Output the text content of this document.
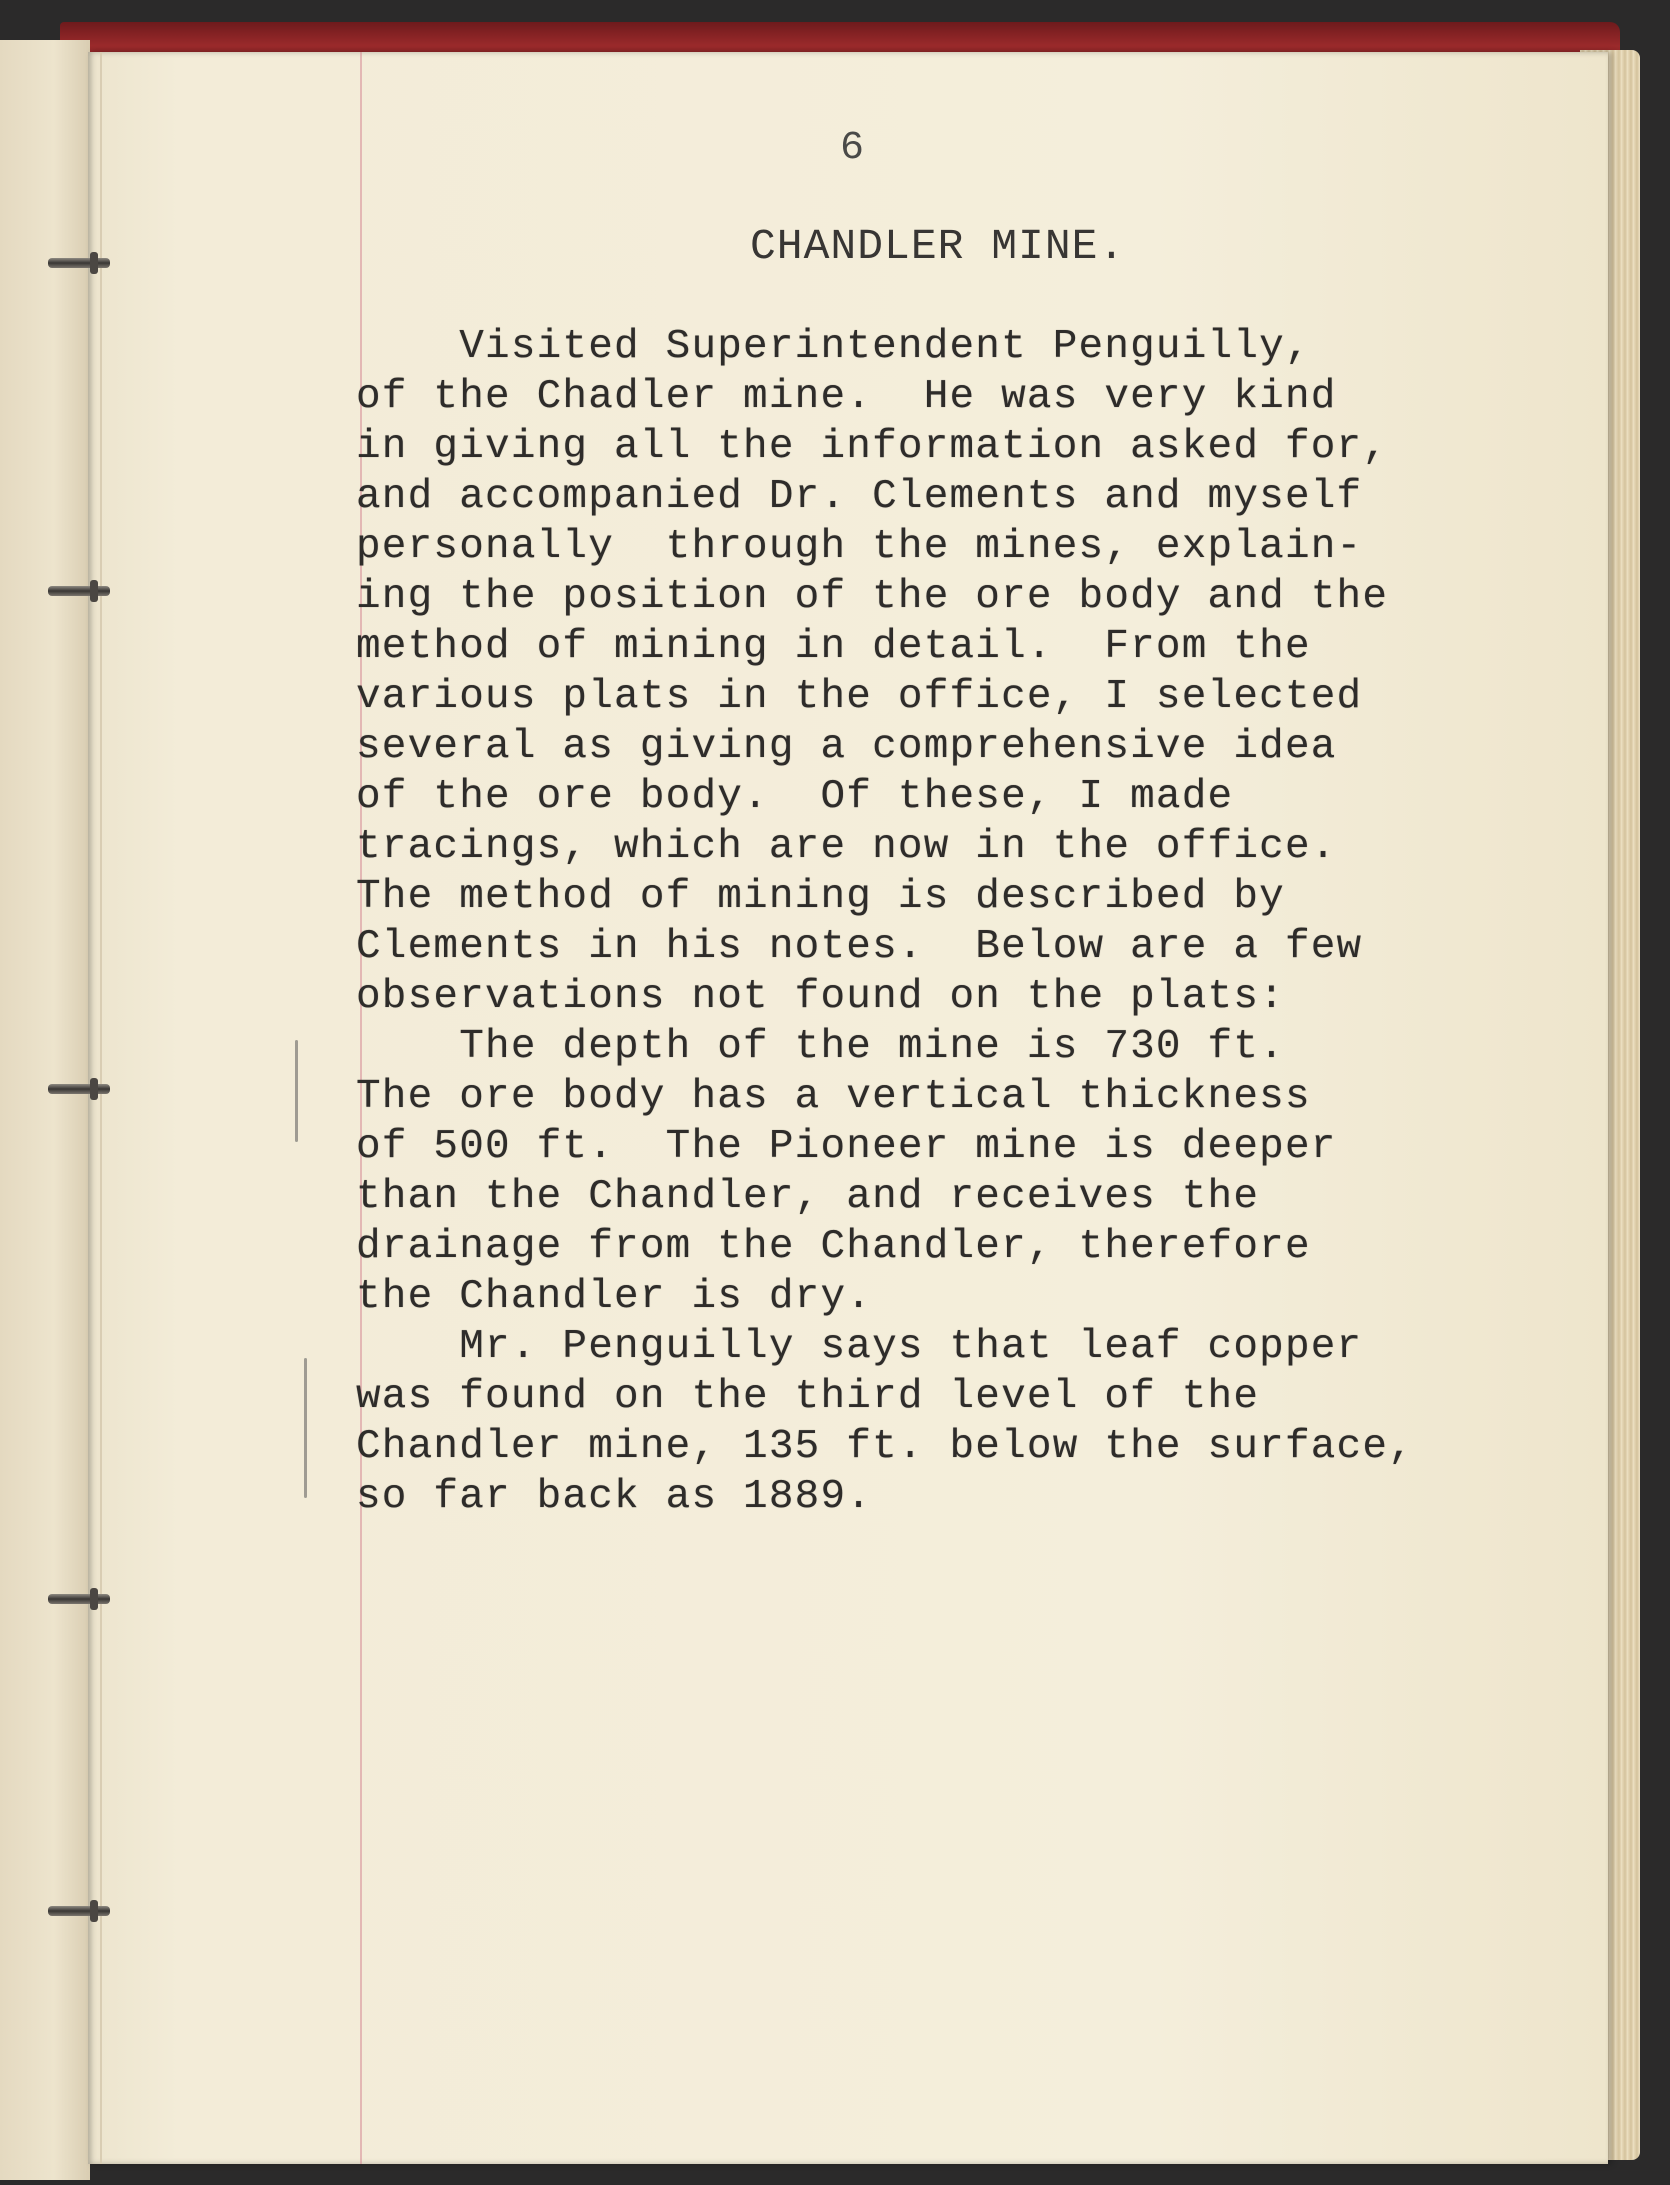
6
CHANDLER MINE.
Visited Superintendent Penguilly,
of the Chadler mine.  He was very kind
in giving all the information asked for,
and accompanied Dr. Clements and myself
personally  through the mines, explain-
ing the position of the ore body and the
method of mining in detail.  From the
various plats in the office, I selected
several as giving a comprehensive idea
of the ore body.  Of these, I made
tracings, which are now in the office.
The method of mining is described by
Clements in his notes.  Below are a few
observations not found on the plats:
The depth of the mine is 730 ft.
The ore body has a vertical thickness
of 500 ft.  The Pioneer mine is deeper
than the Chandler, and receives the
drainage from the Chandler, therefore
the Chandler is dry.
Mr. Penguilly says that leaf copper
was found on the third level of the
Chandler mine, 135 ft. below the surface,
so far back as 1889.
